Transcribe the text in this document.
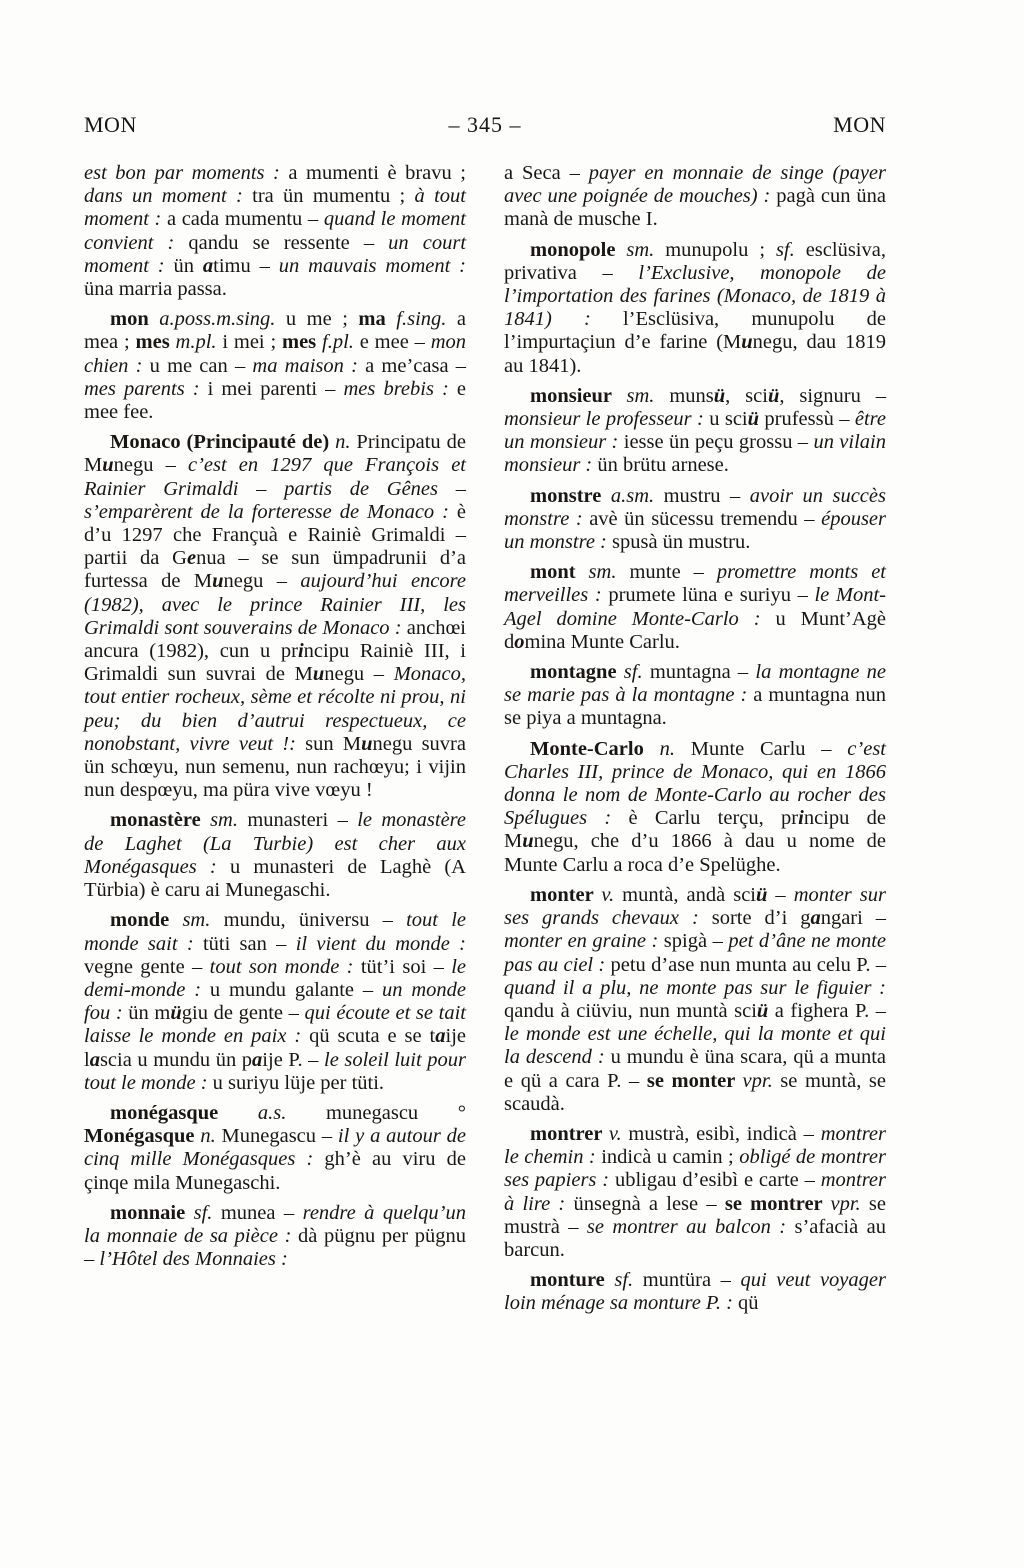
MON	– 345 –	MON

est bon par moments : a mumenti è bravu ; dans un moment : tra ün mumentu ; à tout moment : a cada mumentu – quand le moment convient : qandu se ressente – un court moment : ün atimu – un mauvais moment : üna marria passa.

mon a.poss.m.sing. u me ; ma f.sing. a mea ; mes m.pl. i mei ; mes f.pl. e mee – mon chien : u me can – ma maison : a me’casa – mes parents : i mei parenti – mes brebis : e mee fee.

Monaco (Principauté de) n. Principatu de Munegu – c’est en 1297 que François et Rainier Grimaldi – partis de Gênes – s’emparèrent de la forteresse de Monaco : è d’u 1297 che Françuà e Rainiè Grimaldi – partii da Genua – se sun ümpadrunii d’a furtessa de Munegu – aujourd’hui encore (1982), avec le prince Rainier III, les Grimaldi sont souverains de Monaco : anchœi ancura (1982), cun u principu Rainiè III, i Grimaldi sun suvrai de Munegu – Monaco, tout entier rocheux, sème et récolte ni prou, ni peu; du bien d’autrui respectueux, ce nonobstant, vivre veut !: sun Munegu suvra ün schœyu, nun semenu, nun rachœyu; i vijin nun despœyu, ma püra vive vœyu !

monastère sm. munasteri – le monastère de Laghet (La Turbie) est cher aux Monégasques : u munasteri de Laghè (A Türbia) è caru ai Munegaschi.

monde sm. mundu, üniversu – tout le monde sait : tüti san – il vient du monde : vegne gente – tout son monde : tüt’i soi – le demi-monde : u mundu galante – un monde fou : ün mügiu de gente – qui écoute et se tait laisse le monde en paix : qü scuta e se taije lascia u mundu ün paije P. – le soleil luit pour tout le monde : u suriyu lüje per tüti.

monégasque a.s. munegascu ° Monégasque n. Munegascu – il y a autour de cinq mille Monégasques : gh’è au viru de çinqe mila Munegaschi.

monnaie sf. munea – rendre à quelqu’un la monnaie de sa pièce : dà pügnu per pügnu – l’Hôtel des Monnaies :

a Seca – payer en monnaie de singe (payer avec une poignée de mouches) : pagà cun üna manà de musche I.

monopole sm. munupolu ; sf. esclüsiva, privativa – l’Exclusive, monopole de l’importation des farines (Monaco, de 1819 à 1841) : l’Esclüsiva, munupolu de l’impurtaçiun d’e farine (Munegu, dau 1819 au 1841).

monsieur sm. munsü, sciü, signuru – monsieur le professeur : u sciü prufessù – être un monsieur : iesse ün peçu grossu – un vilain monsieur : ün brütu arnese.

monstre a.sm. mustru – avoir un succès monstre : avè ün sücessu tremendu – épouser un monstre : spusà ün mustru.

mont sm. munte – promettre monts et merveilles : prumete lüna e suriyu – le Mont-Agel domine Monte-Carlo : u Munt’Agè domina Munte Carlu.

montagne sf. muntagna – la montagne ne se marie pas à la montagne : a muntagna nun se piya a muntagna.

Monte-Carlo n. Munte Carlu – c’est Charles III, prince de Monaco, qui en 1866 donna le nom de Monte-Carlo au rocher des Spélugues : è Carlu terçu, principu de Munegu, che d’u 1866 à dau u nome de Munte Carlu a roca d’e Spelüghe.

monter v. muntà, andà sciü – monter sur ses grands chevaux : sorte d’i gangari – monter en graine : spigà – pet d’âne ne monte pas au ciel : petu d’ase nun munta au celu P. – quand il a plu, ne monte pas sur le figuier : qandu à ciüviu, nun muntà sciü a fighera P. – le monde est une échelle, qui la monte et qui la descend : u mundu è üna scara, qü a munta e qü a cara P. – se monter vpr. se muntà, se scaudà.

montrer v. mustrà, esibì, indicà – montrer le chemin : indicà u camin ; obligé de montrer ses papiers : ubligau d’esibì e carte – montrer à lire : ünsegnà a lese – se montrer vpr. se mustrà – se montrer au balcon : s’afacià au barcun.

monture sf. muntüra – qui veut voyager loin ménage sa monture P. : qü
